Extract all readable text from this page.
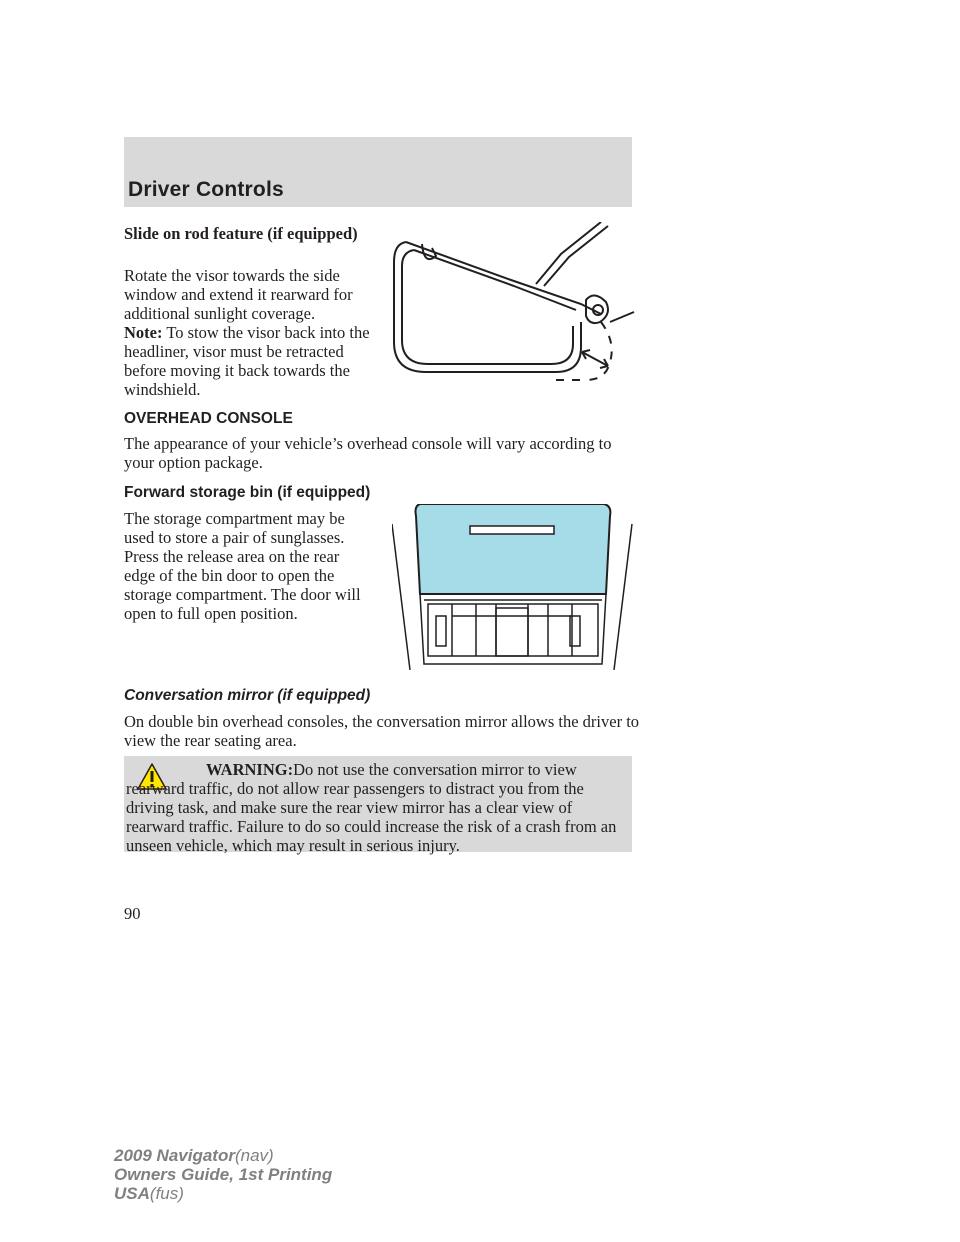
Driver Controls

Slide on rod feature (if equipped)

Rotate the visor towards the side window and extend it rearward for additional sunlight coverage.

Note: To stow the visor back into the headliner, visor must be retracted before moving it back towards the windshield.

OVERHEAD CONSOLE

The appearance of your vehicle’s overhead console will vary according to your option package.

Forward storage bin (if equipped)

The storage compartment may be used to store a pair of sunglasses. Press the release area on the rear edge of the bin door to open the storage compartment. The door will open to full open position.

Conversation mirror (if equipped)

On double bin overhead consoles, the conversation mirror allows the driver to view the rear seating area.

WARNING:Do not use the conversation mirror to view rearward traffic, do not allow rear passengers to distract you from the driving task, and make sure the rear view mirror has a clear view of rearward traffic. Failure to do so could increase the risk of a crash from an unseen vehicle, which may result in serious injury.

90

2009 Navigator(nav)
Owners Guide, 1st Printing
USA(fus)
